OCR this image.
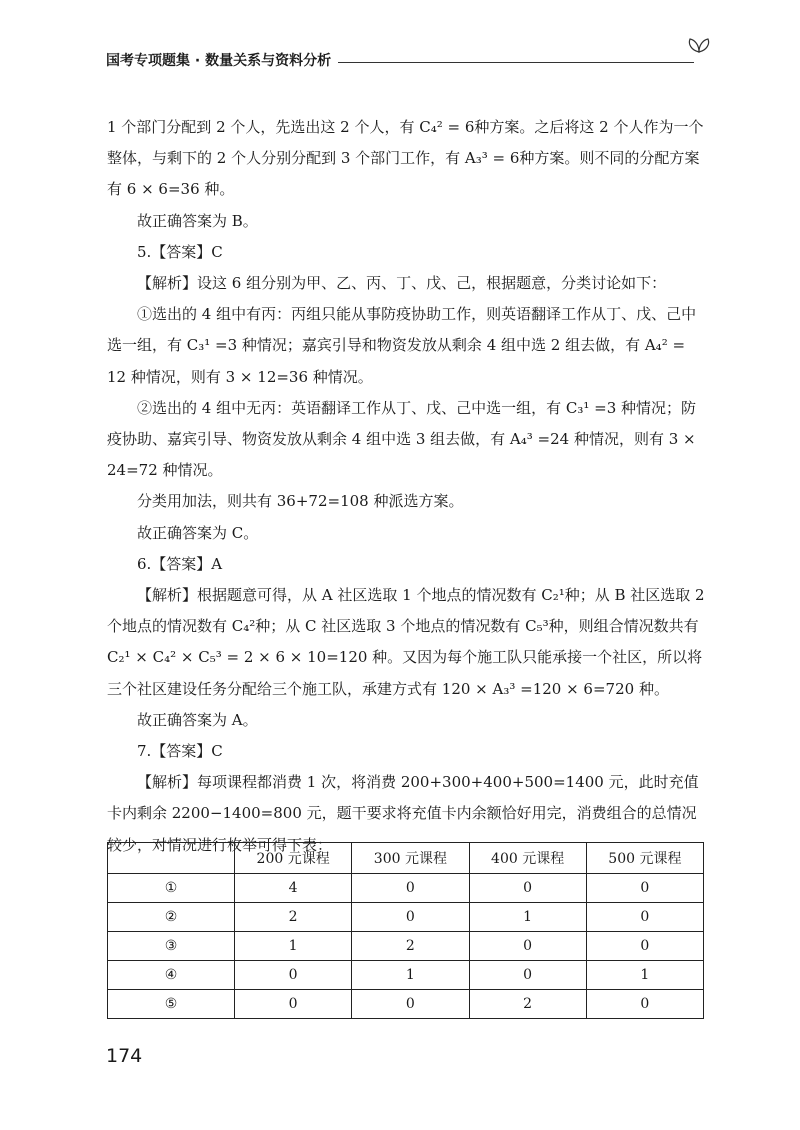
国考专项题集 · 数量关系与资料分析

1 个部门分配到 2 个人，先选出这 2 个人，有 C₄² = 6种方案。之后将这 2 个人作为一个整体，与剩下的 2 个人分别分配到 3 个部门工作，有 A₃³ = 6种方案。则不同的分配方案有 6 × 6=36 种。

故正确答案为 B。

5.【答案】C

【解析】设这 6 组分别为甲、乙、丙、丁、戊、己，根据题意，分类讨论如下：

①选出的 4 组中有丙：丙组只能从事防疫协助工作，则英语翻译工作从丁、戊、己中选一组，有 C₃¹ =3 种情况；嘉宾引导和物资发放从剩余 4 组中选 2 组去做，有 A₄² = 12 种情况，则有 3 × 12=36 种情况。

②选出的 4 组中无丙：英语翻译工作从丁、戊、己中选一组，有 C₃¹ =3 种情况；防疫协助、嘉宾引导、物资发放从剩余 4 组中选 3 组去做，有 A₄³ =24 种情况，则有 3 × 24=72 种情况。

分类用加法，则共有 36+72=108 种派选方案。

故正确答案为 C。

6.【答案】A

【解析】根据题意可得，从 A 社区选取 1 个地点的情况数有 C₂¹种；从 B 社区选取 2 个地点的情况数有 C₄²种；从 C 社区选取 3 个地点的情况数有 C₅³种，则组合情况数共有 C₂¹ × C₄² × C₅³ = 2 × 6 × 10=120 种。又因为每个施工队只能承接一个社区，所以将三个社区建设任务分配给三个施工队，承建方式有 120 × A₃³ =120 × 6=720 种。

故正确答案为 A。

7.【答案】C

【解析】每项课程都消费 1 次，将消费 200+300+400+500=1400 元，此时充值卡内剩余 2200−1400=800 元，题干要求将充值卡内余额恰好用完，消费组合的总情况较少，对情况进行枚举可得下表：

	200 元课程	300 元课程	400 元课程	500 元课程
①	4	0	0	0
②	2	0	1	0
③	1	2	0	0
④	0	1	0	1
⑤	0	0	2	0
174
